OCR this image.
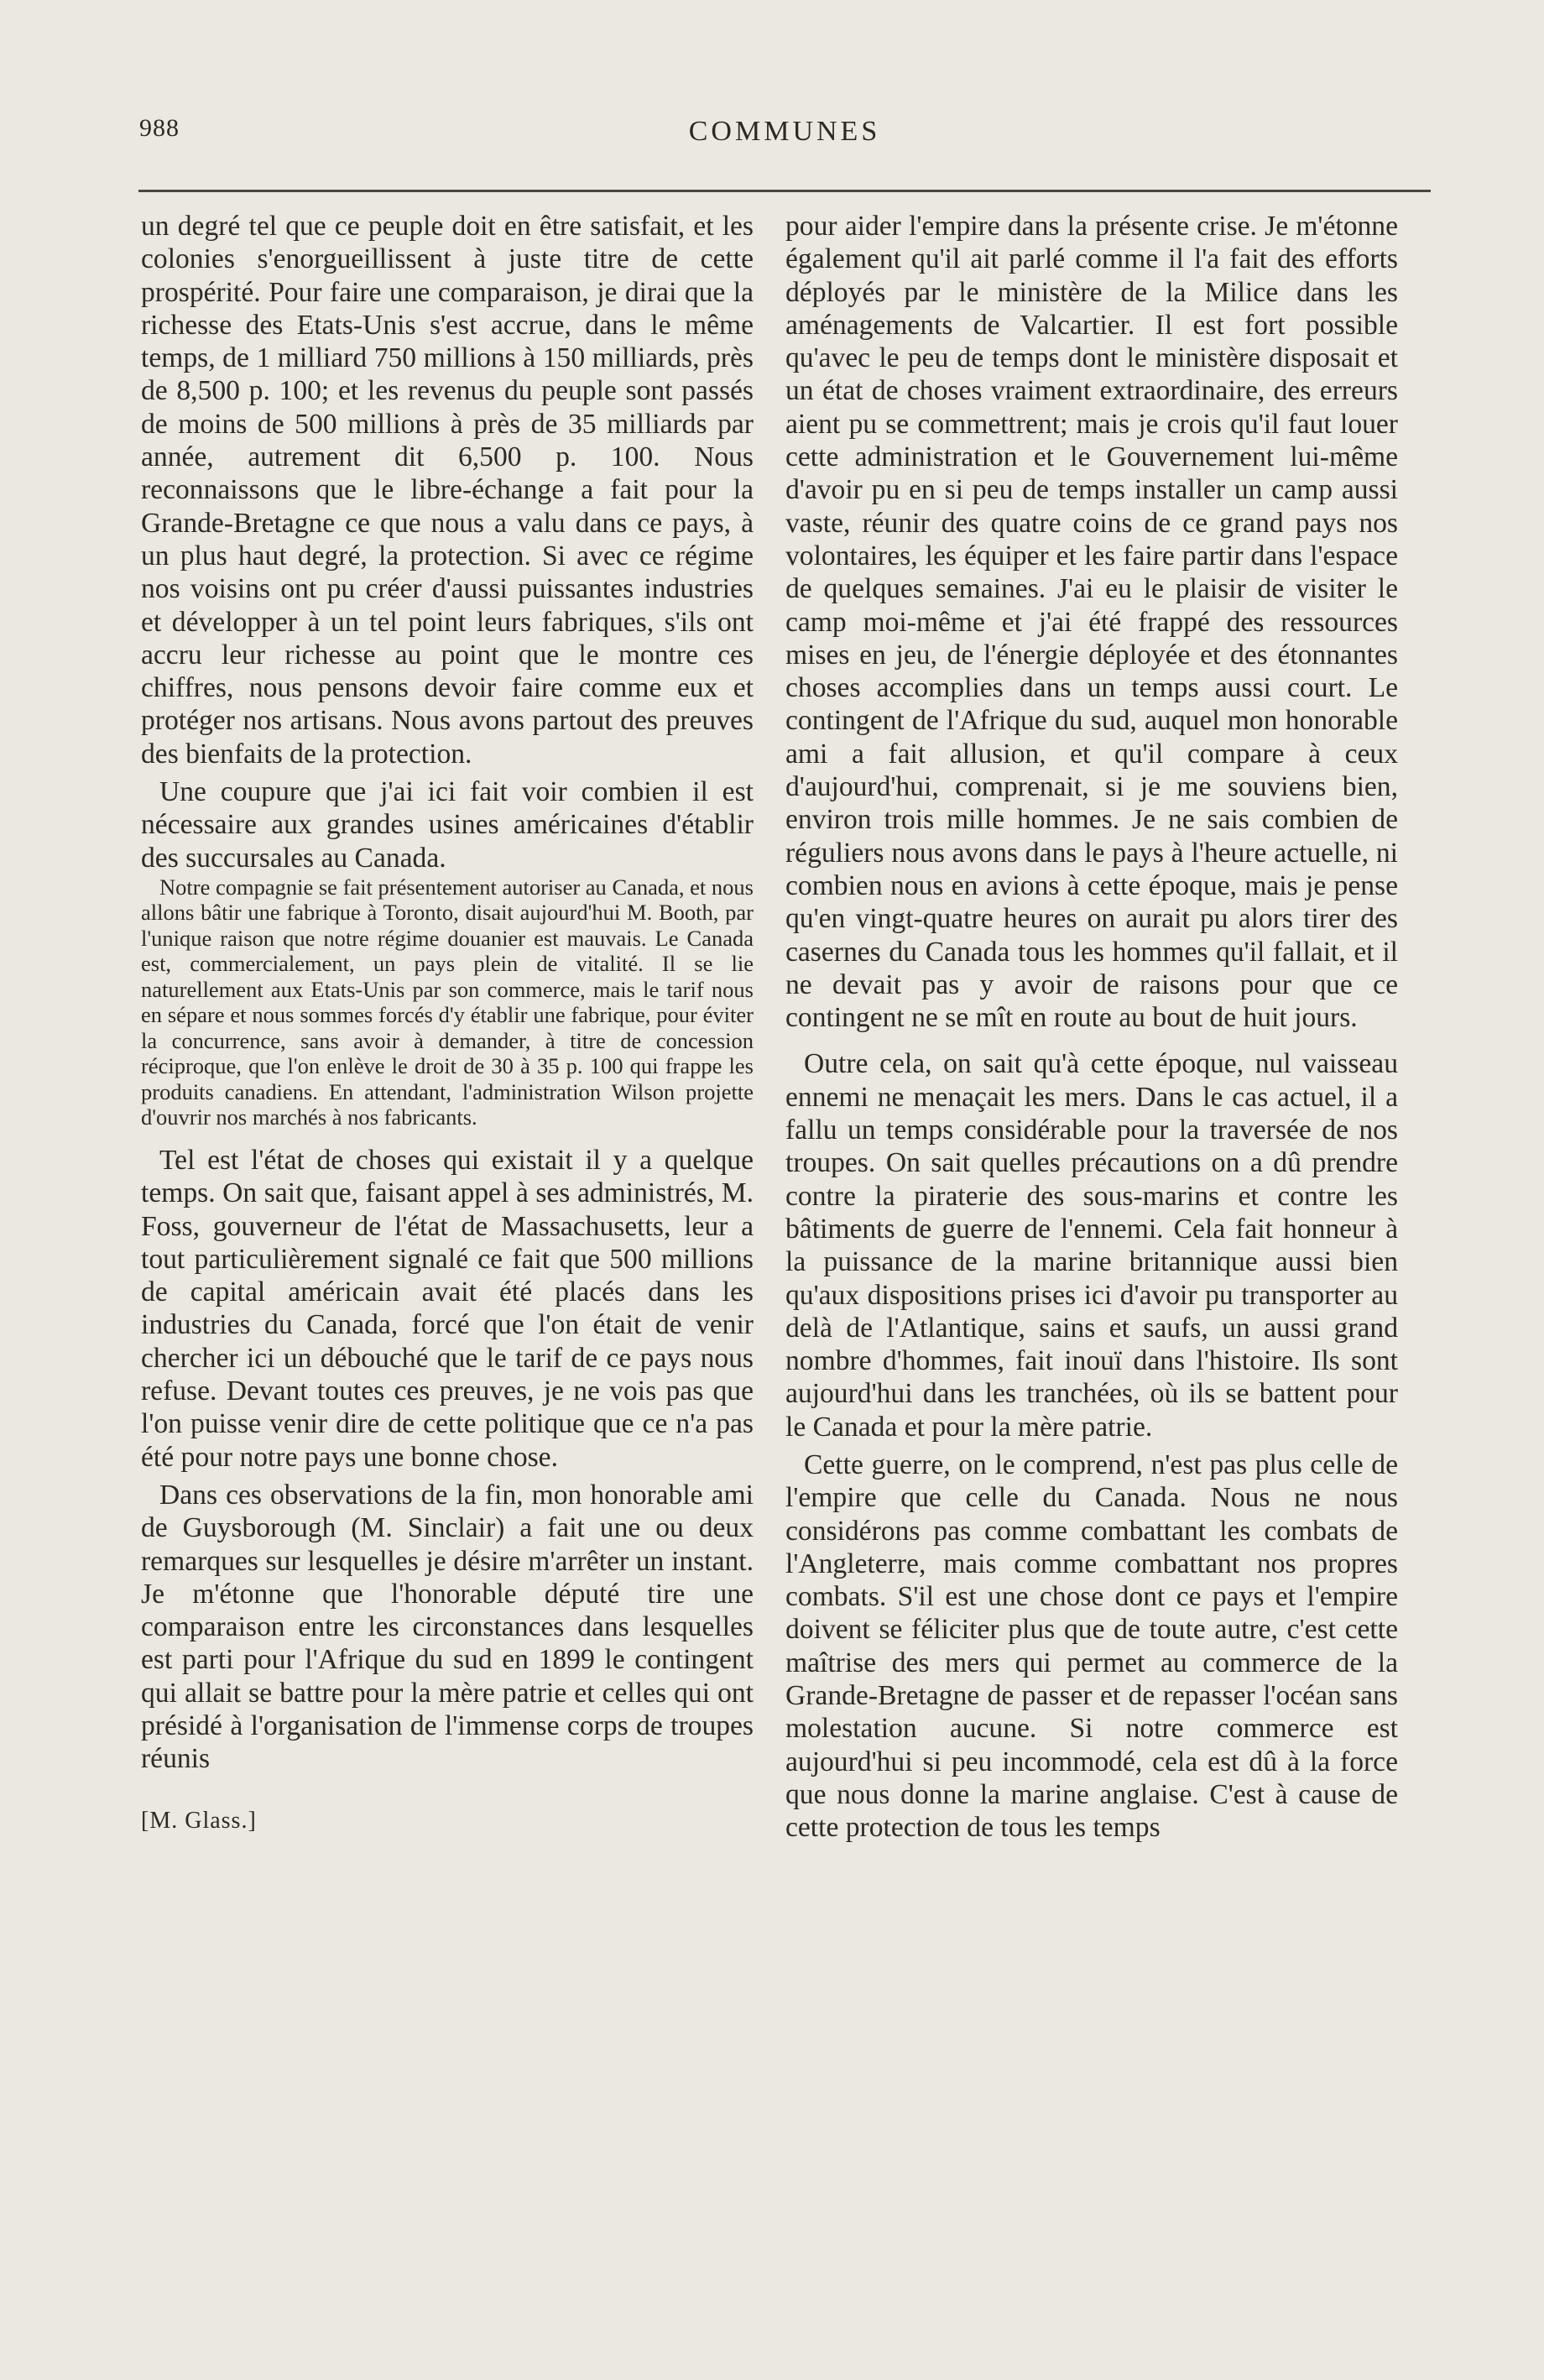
988	COMMUNES

un degré tel que ce peuple doit en être satisfait, et les colonies s'enorgueillissent à juste titre de cette prospérité. Pour faire une comparaison, je dirai que la richesse des Etats-Unis s'est accrue, dans le même temps, de 1 milliard 750 millions à 150 milliards, près de 8,500 p. 100; et les revenus du peuple sont passés de moins de 500 millions à près de 35 milliards par année, autrement dit 6,500 p. 100. Nous reconnaissons que le libre-échange a fait pour la Grande-Bretagne ce que nous a valu dans ce pays, à un plus haut degré, la protection. Si avec ce régime nos voisins ont pu créer d'aussi puissantes industries et développer à un tel point leurs fabriques, s'ils ont accru leur richesse au point que le montre ces chiffres, nous pensons devoir faire comme eux et protéger nos artisans. Nous avons partout des preuves des bienfaits de la protection.

Une coupure que j'ai ici fait voir combien il est nécessaire aux grandes usines américaines d'établir des succursales au Canada.

Notre compagnie se fait présentement autoriser au Canada, et nous allons bâtir une fabrique à Toronto, disait aujourd'hui M. Booth, par l'unique raison que notre régime douanier est mauvais. Le Canada est, commercialement, un pays plein de vitalité. Il se lie naturellement aux Etats-Unis par son commerce, mais le tarif nous en sépare et nous sommes forcés d'y établir une fabrique, pour éviter la concurrence, sans avoir à demander, à titre de concession réciproque, que l'on enlève le droit de 30 à 35 p. 100 qui frappe les produits canadiens. En attendant, l'administration Wilson projette d'ouvrir nos marchés à nos fabricants.

Tel est l'état de choses qui existait il y a quelque temps. On sait que, faisant appel à ses administrés, M. Foss, gouverneur de l'état de Massachusetts, leur a tout particulièrement signalé ce fait que 500 millions de capital américain avait été placés dans les industries du Canada, forcé que l'on était de venir chercher ici un débouché que le tarif de ce pays nous refuse. Devant toutes ces preuves, je ne vois pas que l'on puisse venir dire de cette politique que ce n'a pas été pour notre pays une bonne chose.

Dans ces observations de la fin, mon honorable ami de Guysborough (M. Sinclair) a fait une ou deux remarques sur lesquelles je désire m'arrêter un instant. Je m'étonne que l'honorable député tire une comparaison entre les circonstances dans lesquelles est parti pour l'Afrique du sud en 1899 le contingent qui allait se battre pour la mère patrie et celles qui ont présidé à l'organisation de l'immense corps de troupes réunis

[M. Glass.]

pour aider l'empire dans la présente crise. Je m'étonne également qu'il ait parlé comme il l'a fait des efforts déployés par le ministère de la Milice dans les aménagements de Valcartier. Il est fort possible qu'avec le peu de temps dont le ministère disposait et un état de choses vraiment extraordinaire, des erreurs aient pu se commettrent; mais je crois qu'il faut louer cette administration et le Gouvernement lui-même d'avoir pu en si peu de temps installer un camp aussi vaste, réunir des quatre coins de ce grand pays nos volontaires, les équiper et les faire partir dans l'espace de quelques semaines. J'ai eu le plaisir de visiter le camp moi-même et j'ai été frappé des ressources mises en jeu, de l'énergie déployée et des étonnantes choses accomplies dans un temps aussi court. Le contingent de l'Afrique du sud, auquel mon honorable ami a fait allusion, et qu'il compare à ceux d'aujourd'hui, comprenait, si je me souviens bien, environ trois mille hommes. Je ne sais combien de réguliers nous avons dans le pays à l'heure actuelle, ni combien nous en avions à cette époque, mais je pense qu'en vingt-quatre heures on aurait pu alors tirer des casernes du Canada tous les hommes qu'il fallait, et il ne devait pas y avoir de raisons pour que ce contingent ne se mît en route au bout de huit jours.

Outre cela, on sait qu'à cette époque, nul vaisseau ennemi ne menaçait les mers. Dans le cas actuel, il a fallu un temps considérable pour la traversée de nos troupes. On sait quelles précautions on a dû prendre contre la piraterie des sous-marins et contre les bâtiments de guerre de l'ennemi. Cela fait honneur à la puissance de la marine britannique aussi bien qu'aux dispositions prises ici d'avoir pu transporter au delà de l'Atlantique, sains et saufs, un aussi grand nombre d'hommes, fait inouï dans l'histoire. Ils sont aujourd'hui dans les tranchées, où ils se battent pour le Canada et pour la mère patrie.

Cette guerre, on le comprend, n'est pas plus celle de l'empire que celle du Canada. Nous ne nous considérons pas comme combattant les combats de l'Angleterre, mais comme combattant nos propres combats. S'il est une chose dont ce pays et l'empire doivent se féliciter plus que de toute autre, c'est cette maîtrise des mers qui permet au commerce de la Grande-Bretagne de passer et de repasser l'océan sans molestation aucune. Si notre commerce est aujourd'hui si peu incommodé, cela est dû à la force que nous donne la marine anglaise. C'est à cause de cette protection de tous les temps
